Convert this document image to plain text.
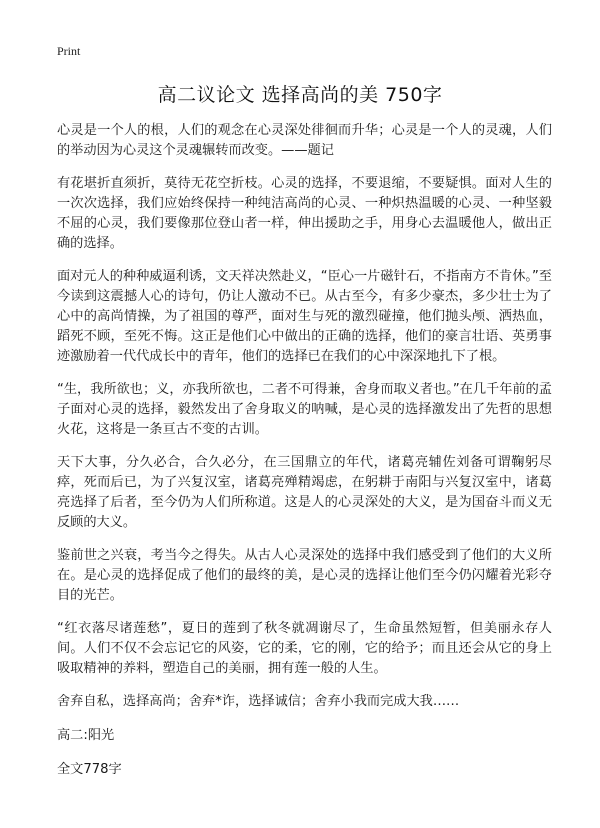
Print
高二议论文 选择高尚的美 750字

心灵是一个人的根，人们的观念在心灵深处徘徊而升华；心灵是一个人的灵魂，人们的举动因为心灵这个灵魂辗转而改变。——题记

有花堪折直须折，莫待无花空折枝。心灵的选择，不要退缩，不要疑惧。面对人生的一次次选择，我们应始终保持一种纯洁高尚的心灵、一种炽热温暖的心灵、一种坚毅不屈的心灵，我们要像那位登山者一样，伸出援助之手，用身心去温暖他人，做出正确的选择。

面对元人的种种威逼利诱，文天祥决然赴义，“臣心一片磁针石，不指南方不肯休。”至今读到这震撼人心的诗句，仍让人激动不已。从古至今，有多少豪杰，多少壮士为了心中的高尚情操，为了祖国的尊严，面对生与死的激烈碰撞，他们抛头颅、洒热血，蹈死不顾，至死不悔。这正是他们心中做出的正确的选择，他们的豪言壮语、英勇事迹激励着一代代成长中的青年，他们的选择已在我们的心中深深地扎下了根。

“生，我所欲也；义，亦我所欲也，二者不可得兼，舍身而取义者也。”在几千年前的孟子面对心灵的选择，毅然发出了舍身取义的呐喊，是心灵的选择激发出了先哲的思想火花，这将是一条亘古不变的古训。

天下大事，分久必合，合久必分，在三国鼎立的年代，诸葛亮辅佐刘备可谓鞠躬尽瘁，死而后已，为了兴复汉室，诸葛亮殚精竭虑，在躬耕于南阳与兴复汉室中，诸葛亮选择了后者，至今仍为人们所称道。这是人的心灵深处的大义，是为国奋斗而义无反顾的大义。

鉴前世之兴衰，考当今之得失。从古人心灵深处的选择中我们感受到了他们的大义所在。是心灵的选择促成了他们的最终的美，是心灵的选择让他们至今仍闪耀着光彩夺目的光芒。

“红衣落尽诸莲愁”，夏日的莲到了秋冬就凋谢尽了，生命虽然短暂，但美丽永存人间。人们不仅不会忘记它的风姿，它的柔，它的刚，它的给予；而且还会从它的身上吸取精神的养料，塑造自己的美丽，拥有莲一般的人生。

舍弃自私，选择高尚；舍弃*诈，选择诚信；舍弃小我而完成大我……

高二:阳光

全文778字
